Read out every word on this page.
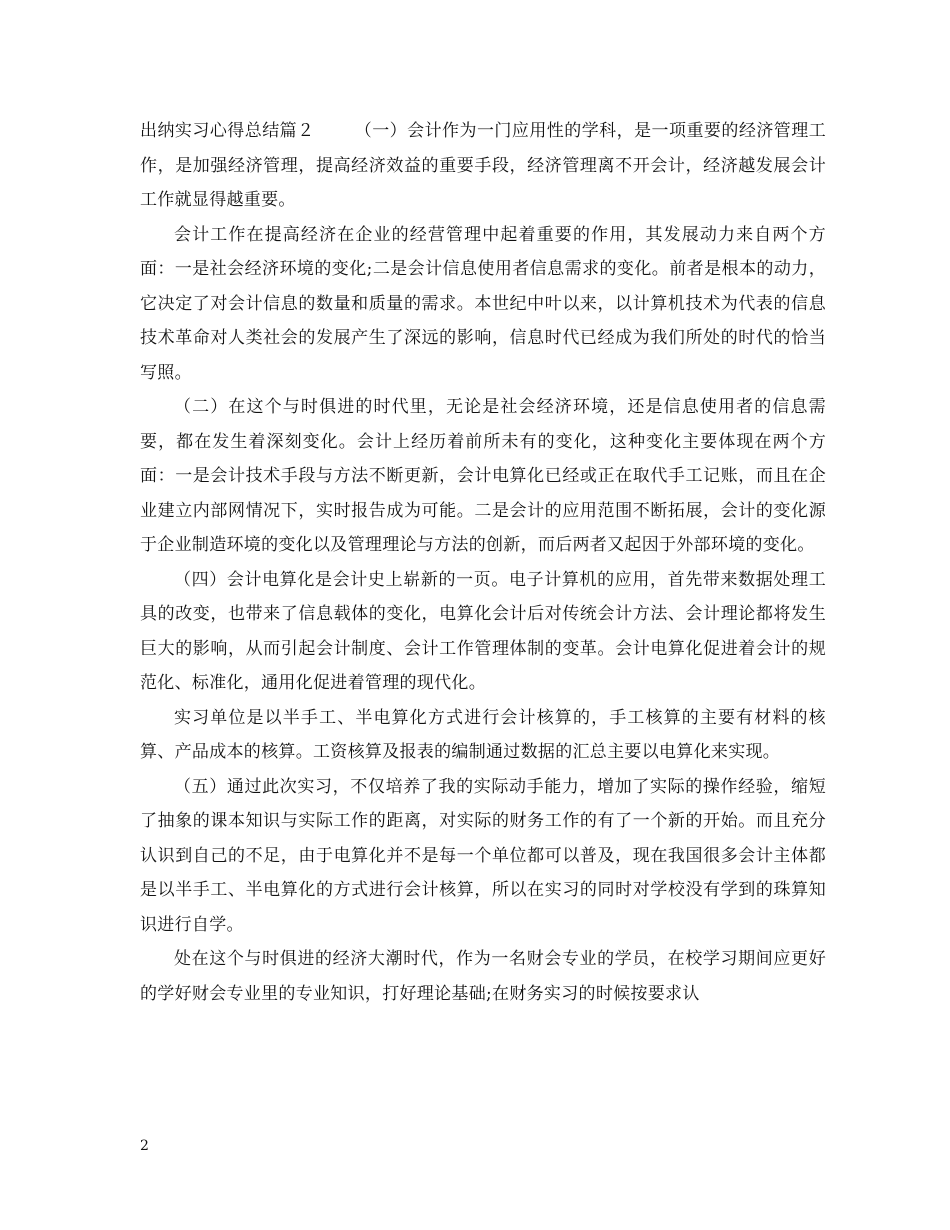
出纳实习心得总结篇２ （一）会计作为一门应用性的学科，是一项重要的经济管理工作，是加强经济管理，提高经济效益的重要手段，经济管理离不开会计，经济越发展会计工作就显得越重要。

会计工作在提高经济在企业的经营管理中起着重要的作用，其发展动力来自两个方面：一是社会经济环境的变化;二是会计信息使用者信息需求的变化。前者是根本的动力，它决定了对会计信息的数量和质量的需求。本世纪中叶以来，以计算机技术为代表的信息技术革命对人类社会的发展产生了深远的影响，信息时代已经成为我们所处的时代的恰当写照。

（二）在这个与时俱进的时代里，无论是社会经济环境，还是信息使用者的信息需要，都在发生着深刻变化。会计上经历着前所未有的变化，这种变化主要体现在两个方面：一是会计技术手段与方法不断更新，会计电算化已经或正在取代手工记账，而且在企业建立内部网情况下，实时报告成为可能。二是会计的应用范围不断拓展，会计的变化源于企业制造环境的变化以及管理理论与方法的创新，而后两者又起因于外部环境的变化。

（四）会计电算化是会计史上崭新的一页。电子计算机的应用，首先带来数据处理工具的改变，也带来了信息载体的变化，电算化会计后对传统会计方法、会计理论都将发生巨大的影响，从而引起会计制度、会计工作管理体制的变革。会计电算化促进着会计的规范化、标准化，通用化促进着管理的现代化。

实习单位是以半手工、半电算化方式进行会计核算的，手工核算的主要有材料的核算、产品成本的核算。工资核算及报表的编制通过数据的汇总主要以电算化来实现。

（五）通过此次实习，不仅培养了我的实际动手能力，增加了实际的操作经验，缩短了抽象的课本知识与实际工作的距离，对实际的财务工作的有了一个新的开始。而且充分认识到自己的不足，由于电算化并不是每一个单位都可以普及，现在我国很多会计主体都是以半手工、半电算化的方式进行会计核算，所以在实习的同时对学校没有学到的珠算知识进行自学。

处在这个与时俱进的经济大潮时代，作为一名财会专业的学员，在校学习期间应更好的学好财会专业里的专业知识，打好理论基础;在财务实习的时候按要求认

2
